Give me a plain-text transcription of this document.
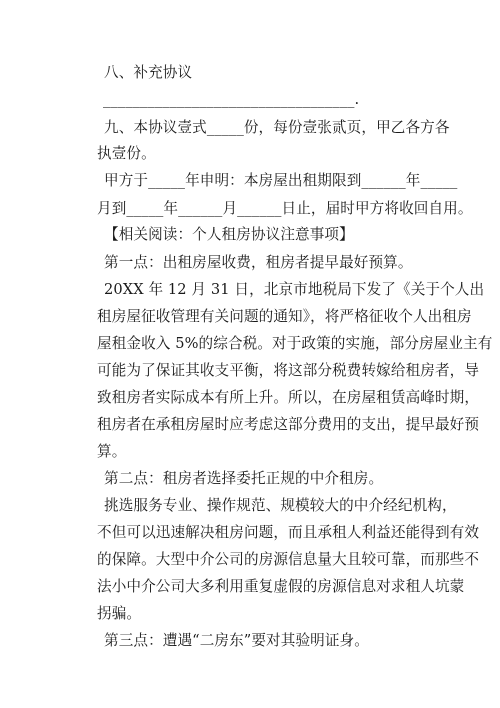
八、补充协议
__________________________________.
九、本协议壹式_____份，每份壹张贰页，甲乙各方各
执壹份。
甲方于_____年申明：本房屋出租期限到______年_____
月到_____年______月______日止，届时甲方将收回自用。
【相关阅读：个人租房协议注意事项】
第一点：出租房屋收费，租房者提早最好预算。
20XX 年 12 月 31 日，北京市地税局下发了《关于个人出
租房屋征收管理有关问题的通知》，将严格征收个人出租房
屋租金收入 5%的综合税。对于政策的实施，部分房屋业主有
可能为了保证其收支平衡，将这部分税费转嫁给租房者，导
致租房者实际成本有所上升。所以，在房屋租赁高峰时期，
租房者在承租房屋时应考虑这部分费用的支出，提早最好预
算。
第二点：租房者选择委托正规的中介租房。
挑选服务专业、操作规范、规模较大的中介经纪机构，
不但可以迅速解决租房问题，而且承租人利益还能得到有效
的保障。大型中介公司的房源信息量大且较可靠，而那些不
法小中介公司大多利用重复虚假的房源信息对求租人坑蒙
拐骗。
第三点：遭遇“二房东”要对其验明证身。
